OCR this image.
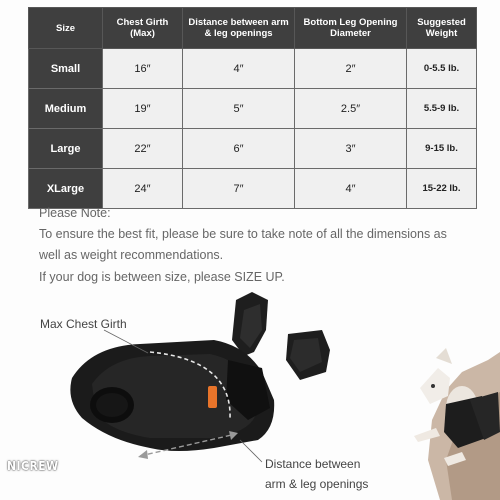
Size	Chest Girth (Max)	Distance between arm & leg openings	Bottom Leg Opening Diameter	Suggested Weight
Small	16″	4″	2″	0-5.5 lb.
Medium	19″	5″	2.5″	5.5-9 lb.
Large	22″	6″	3″	9-15 lb.
XLarge	24″	7″	4″	15-22 lb.
Please Note:
To ensure the best fit, please be sure to take note of all the dimensions as
well as weight recommendations.
If your dog is between size, please SIZE UP.
Max Chest Girth
Distance between
arm & leg openings
NICREW
